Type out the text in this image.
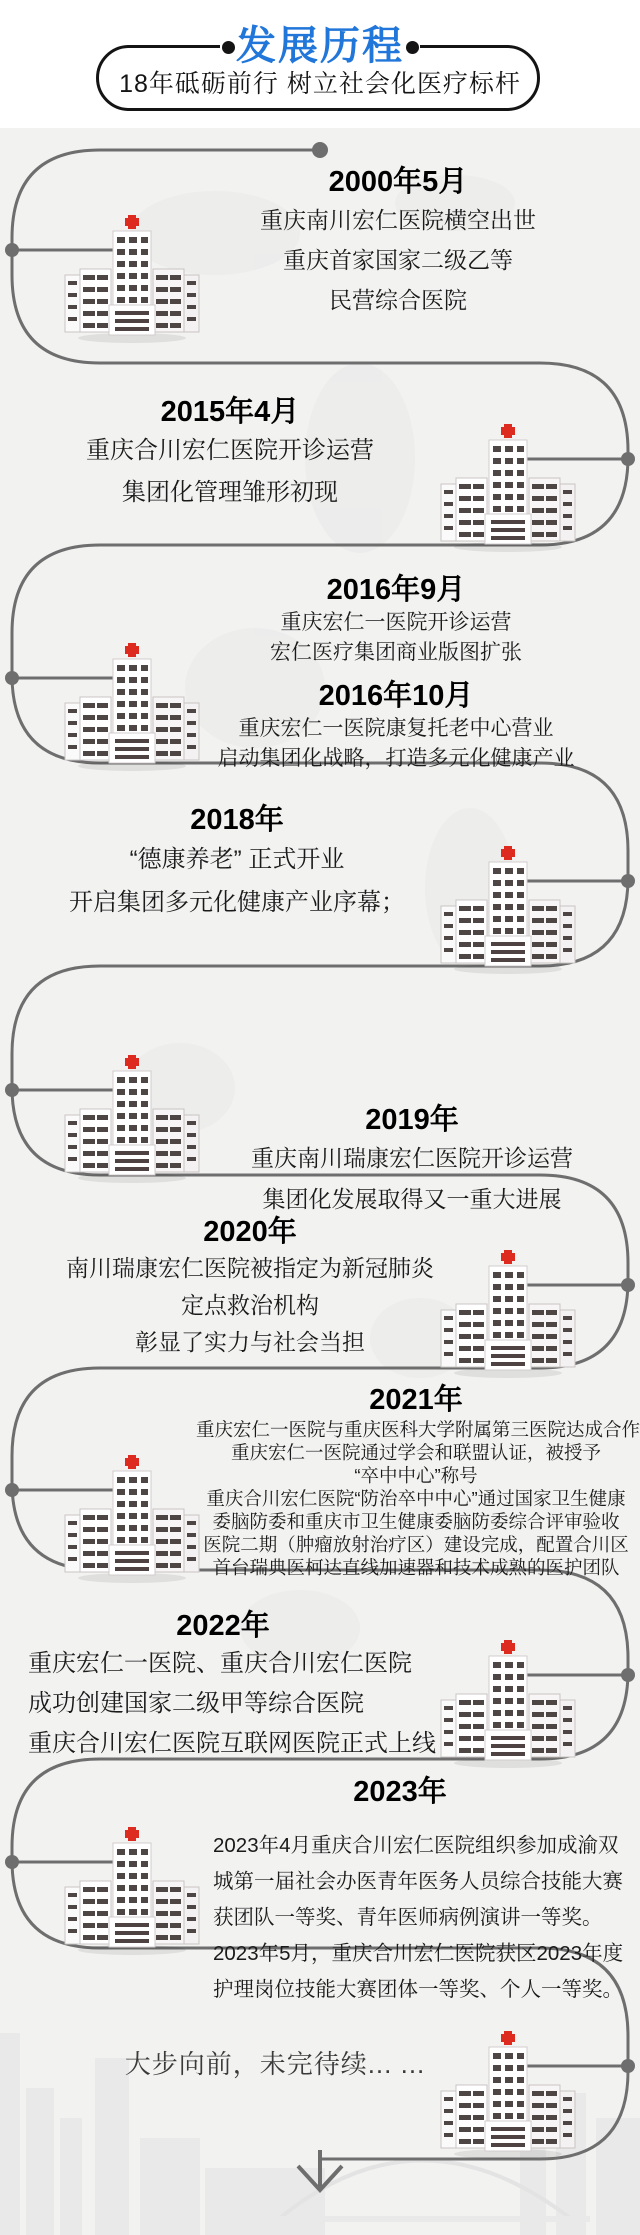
发展历程
18年砥砺前行 树立社会化医疗标杆
2000年5月
重庆南川宏仁医院横空出世
重庆首家国家二级乙等
民营综合医院
2015年4月
重庆合川宏仁医院开诊运营
集团化管理雏形初现
2016年9月
重庆宏仁一医院开诊运营
宏仁医疗集团商业版图扩张
2016年10月
重庆宏仁一医院康复托老中心营业
启动集团化战略，打造多元化健康产业
2018年
“德康养老” 正式开业
开启集团多元化健康产业序幕；
2019年
重庆南川瑞康宏仁医院开诊运营
集团化发展取得又一重大进展
2020年
南川瑞康宏仁医院被指定为新冠肺炎
定点救治机构
彰显了实力与社会当担
2021年
重庆宏仁一医院与重庆医科大学附属第三医院达成合作
重庆宏仁一医院通过学会和联盟认证，被授予
“卒中中心”称号
重庆合川宏仁医院“防治卒中中心”通过国家卫生健康
委脑防委和重庆市卫生健康委脑防委综合评审验收
医院二期（肿瘤放射治疗区）建设完成，配置合川区
首台瑞典医柯达直线加速器和技术成熟的医护团队
2022年
重庆宏仁一医院、重庆合川宏仁医院
成功创建国家二级甲等综合医院
重庆合川宏仁医院互联网医院正式上线
2023年
2023年4月重庆合川宏仁医院组织参加成渝双
城第一届社会办医青年医务人员综合技能大赛
获团队一等奖、青年医师病例演讲一等奖。
2023年5月，重庆合川宏仁医院获区2023年度
护理岗位技能大赛团体一等奖、个人一等奖。
大步向前，未完待续... ...
